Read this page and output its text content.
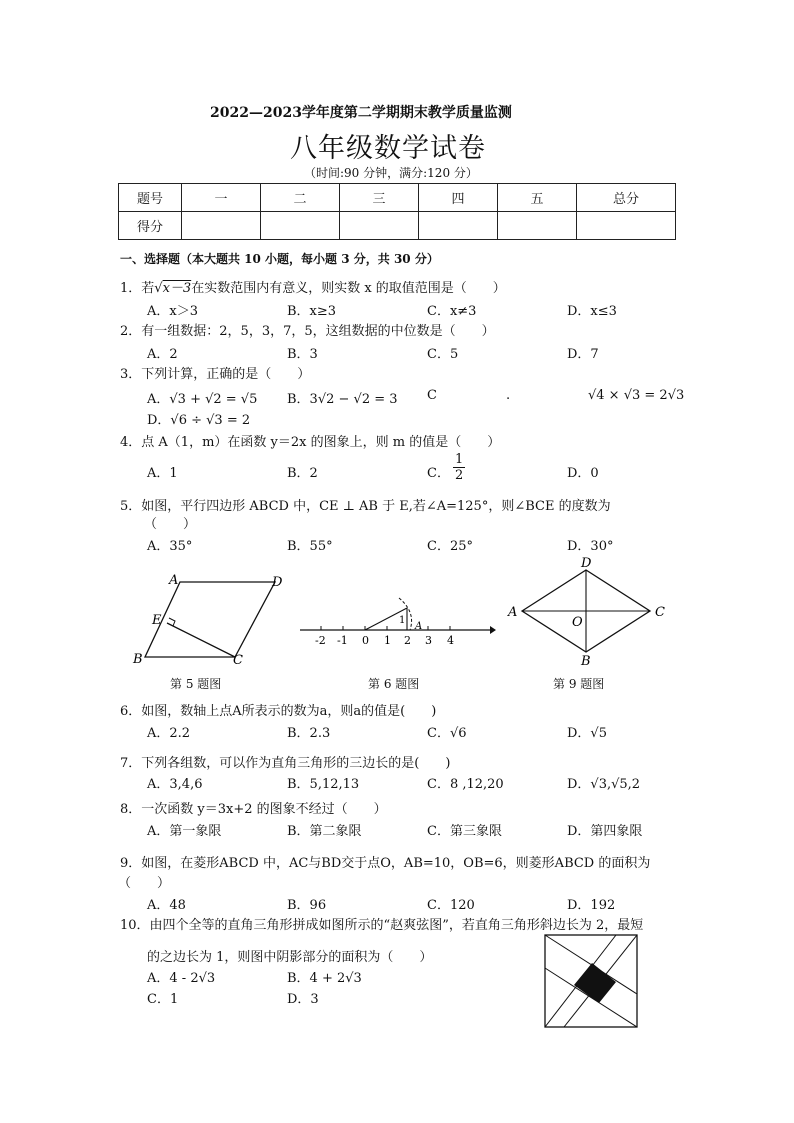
2022—2023学年度第二学期期末教学质量监测
八年级数学试卷
（时间:90 分钟，满分:120 分）
题号	一	二	三	四	五	总分
得分						
一、选择题（本大题共 10 小题，每小题 3 分，共 30 分）
1．若√x－3在实数范围内有意义，则实数 x 的取值范围是（　　）
A．x＞3	B．x≥3	C．x≠3	D．x≤3
2．有一组数据：2，5，3，7，5，这组数据的中位数是（　　）
A．2	B．3	C．5	D．7
3．下列计算，正确的是（　　）
A．√3 + √2 = √5 B．3√2 − √2 = 3 C	.	√4 × √3 = 2√3
D．√6 ÷ √3 = 2
4．点 A（1，m）在函数 y＝2x 的图象上，则 m 的值是（　　）
A．1	B．2	C． $\frac{1}{2}$	D．0
5．如图，平行四边形 ABCD 中，CE ⊥ AB 于 E,若∠A=125°，则∠BCE 的度数为
（　　）
A．35°	B．55°	C．25°	D．30°
A	D
E
B	C
第 5 题图
-2 -1 0 1 2 3 4
1
A
第 6 题图
D
A
O
C
B
第 9 题图
6．如图，数轴上点A所表示的数为a，则a的值是(　　)
A．2.2	B．2.3	C．√6	D．√5
7．下列各组数，可以作为直角三角形的三边长的是(　　)
A．3,4,6	B．5,12,13	C．8 ,12,20	D．√3,√5,2
8．一次函数 y＝3x+2 的图象不经过（　　）
A．第一象限	B．第二象限	C．第三象限	D．第四象限
9．如图，在菱形ABCD 中，AC与BD交于点O，AB=10，OB=6，则菱形ABCD 的面积为
（　　）
A．48	B．96	C．120	D．192
10．由四个全等的直角三角形拼成如图所示的“赵爽弦图”，若直角三角形斜边长为 2，最短
的之边长为 1，则图中阴影部分的面积为（　　）
A．4 - 2√3	B．4 + 2√3
C．1	D．3
